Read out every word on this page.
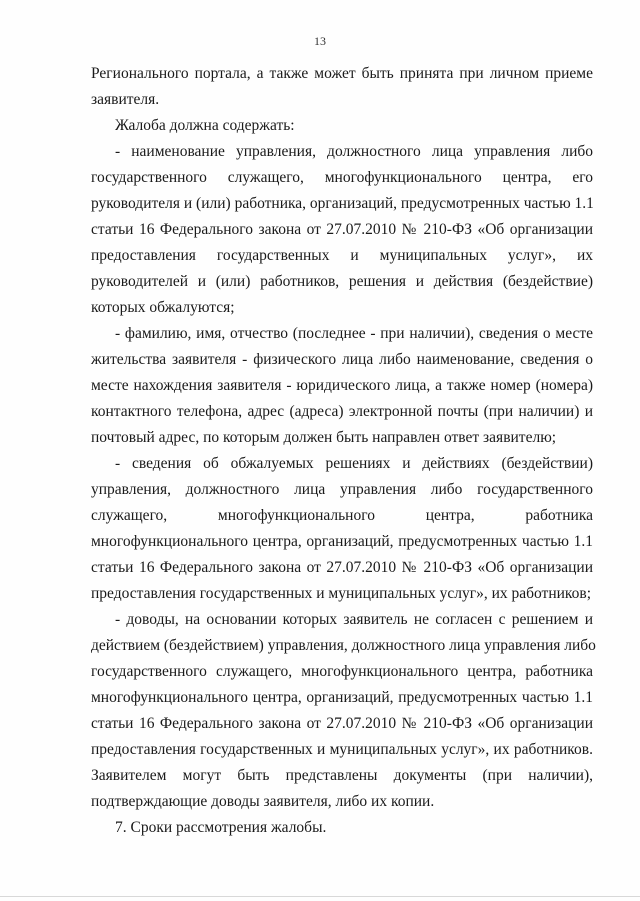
13
Регионального портала, а также может быть принята при личном приеме
заявителя.
Жалоба должна содержать:
- наименование управления, должностного лица управления либо
государственного служащего, многофункционального центра, его
руководителя и (или) работника, организаций, предусмотренных частью 1.1
статьи 16 Федерального закона от 27.07.2010 № 210-ФЗ «Об организации
предоставления государственных и муниципальных услуг», их
руководителей и (или) работников, решения и действия (бездействие)
которых обжалуются;
- фамилию, имя, отчество (последнее - при наличии), сведения о месте
жительства заявителя - физического лица либо наименование, сведения о
месте нахождения заявителя - юридического лица, а также номер (номера)
контактного телефона, адрес (адреса) электронной почты (при наличии) и
почтовый адрес, по которым должен быть направлен ответ заявителю;
- сведения об обжалуемых решениях и действиях (бездействии)
управления, должностного лица управления либо государственного
служащего, многофункционального центра, работника
многофункционального центра, организаций, предусмотренных частью 1.1
статьи 16 Федерального закона от 27.07.2010 № 210-ФЗ «Об организации
предоставления государственных и муниципальных услуг», их работников;
- доводы, на основании которых заявитель не согласен с решением и
действием (бездействием) управления, должностного лица управления либо
государственного служащего, многофункционального центра, работника
многофункционального центра, организаций, предусмотренных частью 1.1
статьи 16 Федерального закона от 27.07.2010 № 210-ФЗ «Об организации
предоставления государственных и муниципальных услуг», их работников.
Заявителем могут быть представлены документы (при наличии),
подтверждающие доводы заявителя, либо их копии.
7. Сроки рассмотрения жалобы.
